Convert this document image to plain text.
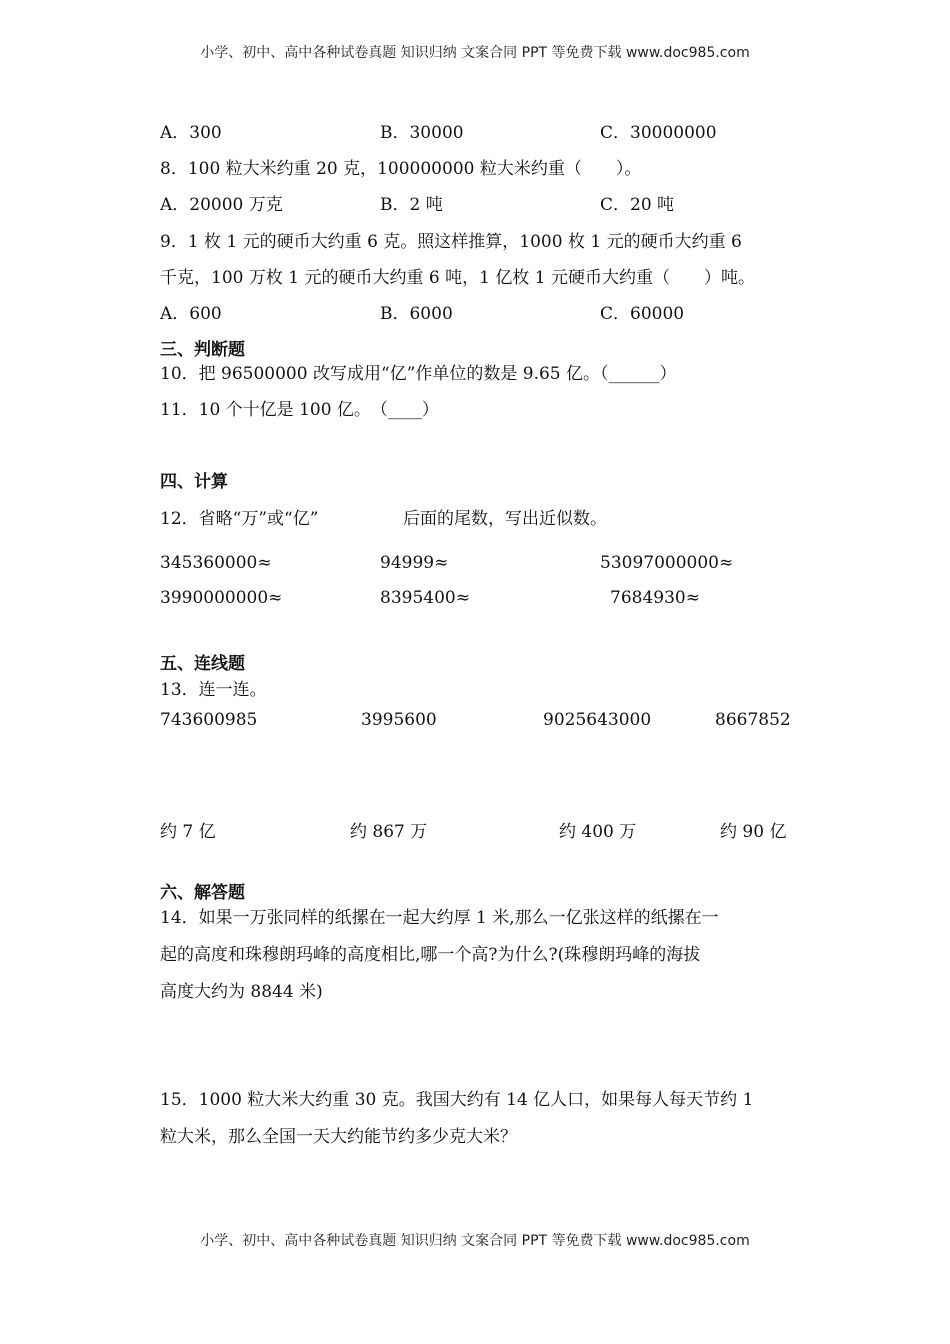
小学、初中、高中各种试卷真题 知识归纳 文案合同 PPT 等免费下载 www.doc985.com
A．300	B．30000	C．30000000
8．100 粒大米约重 20 克，100000000 粒大米约重（　　）。
A．20000 万克	B．2 吨	C．20 吨
9．1 枚 1 元的硬币大约重 6 克。照这样推算，1000 枚 1 元的硬币大约重 6
千克，100 万枚 1 元的硬币大约重 6 吨，1 亿枚 1 元硬币大约重（　　）吨。
A．600	B．6000	C．60000
三、判断题
10．把 96500000 改写成用“亿”作单位的数是 9.65 亿。（______）
11．10 个十亿是 100 亿。　（____）
四、计算
12．省略“万”或“亿”	后面的尾数，写出近似数。
345360000≈	94999≈	53097000000≈
3990000000≈	8395400≈	7684930≈
五、连线题
13．连一连。
743600985	3995600	9025643000	8667852
约 7 亿	约 867 万	约 400 万	约 90 亿
六、解答题
14．如果一万张同样的纸摞在一起大约厚 1 米,那么一亿张这样的纸摞在一
起的高度和珠穆朗玛峰的高度相比,哪一个高?为什么?(珠穆朗玛峰的海拔
高度大约为 8844 米)
15．1000 粒大米大约重 30 克。我国大约有 14 亿人口，如果每人每天节约 1
粒大米，那么全国一天大约能节约多少克大米？
小学、初中、高中各种试卷真题 知识归纳 文案合同 PPT 等免费下载 www.doc985.com
